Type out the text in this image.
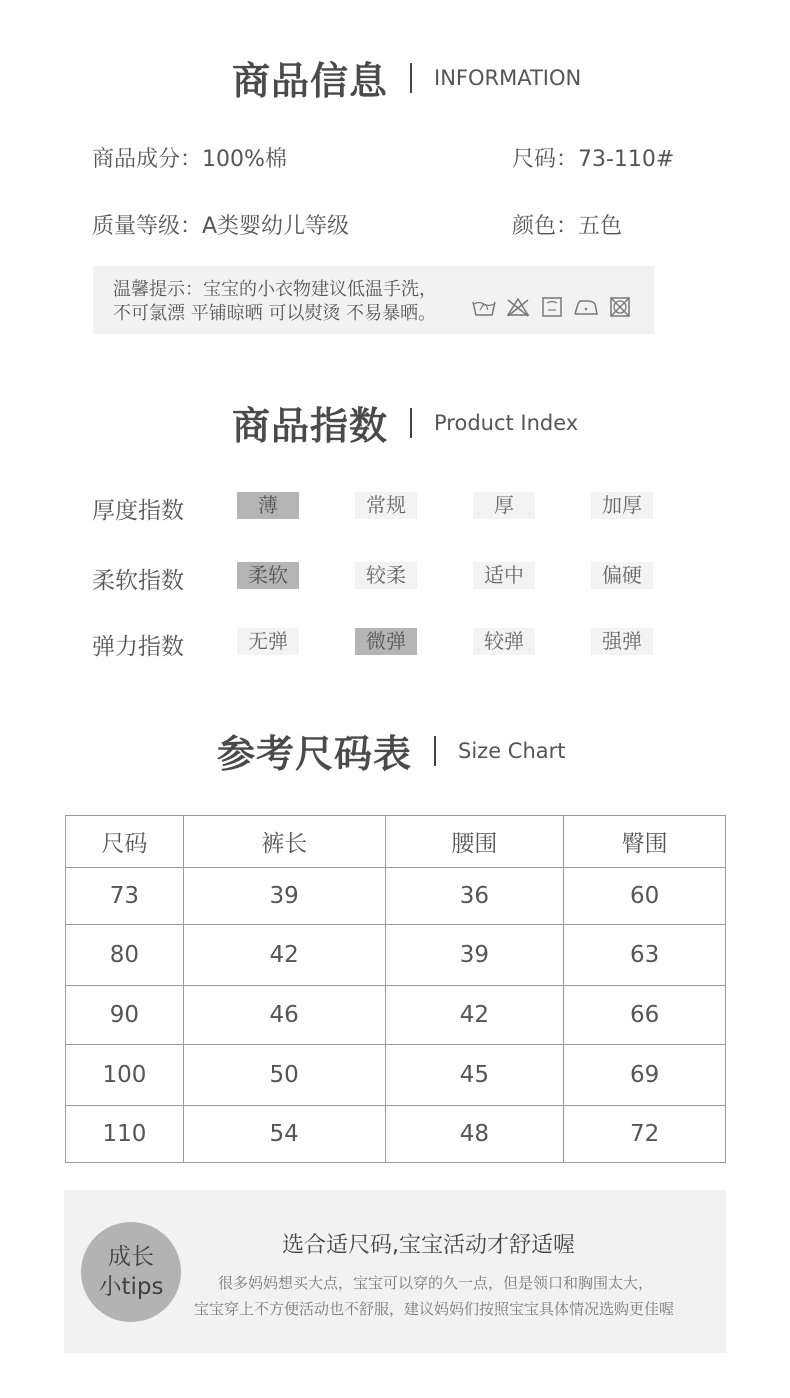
商品信息 INFORMATION
商品成分：100%棉	尺码：73-110#
质量等级：A类婴幼儿等级	颜色：五色
温馨提示：宝宝的小衣物建议低温手洗，
不可氯漂 平铺晾晒 可以熨烫 不易暴晒。
商品指数 Product Index
厚度指数	薄	常规	厚	加厚
柔软指数	柔软	较柔	适中	偏硬
弹力指数	无弹	微弹	较弹	强弹
参考尺码表 Size Chart
尺码	裤长	腰围	臀围
73	39	36	60
80	42	39	63
90	46	42	66
100	50	45	69
110	54	48	72
成长
小tips
选合适尺码,宝宝活动才舒适喔
很多妈妈想买大点，宝宝可以穿的久一点，但是领口和胸围太大，
宝宝穿上不方便活动也不舒服，建议妈妈们按照宝宝具体情况选购更佳喔
